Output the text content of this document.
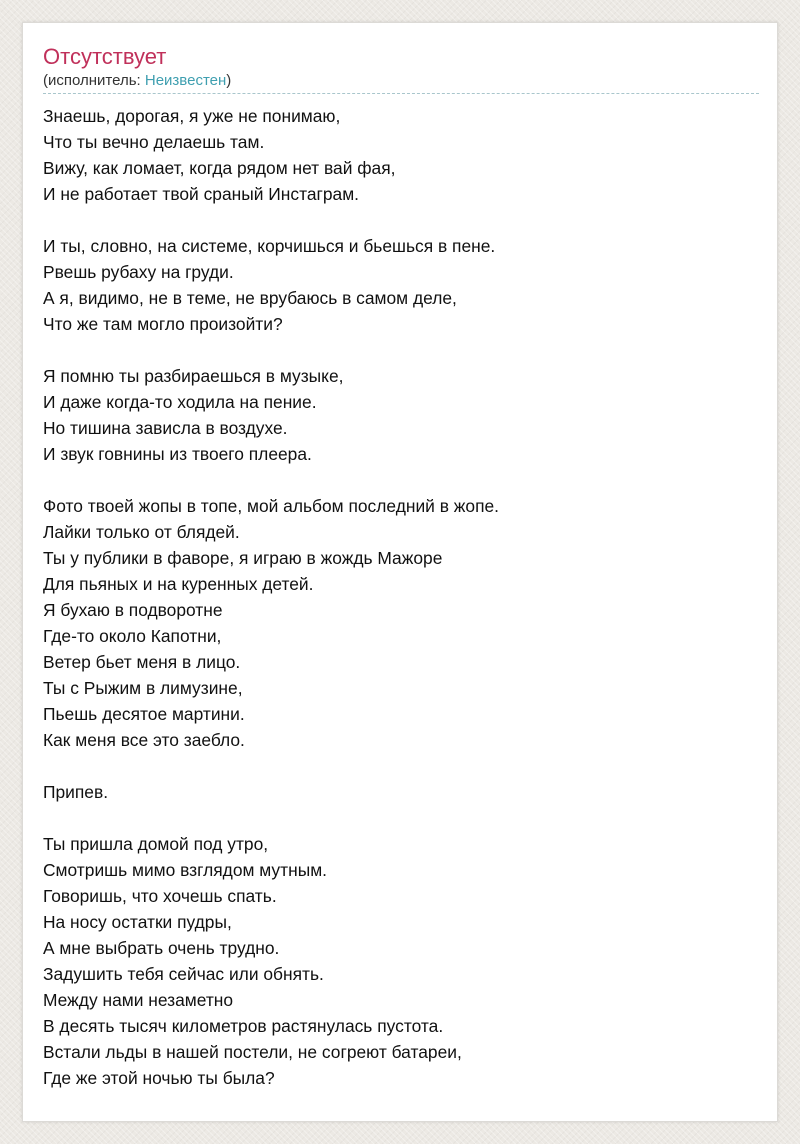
Отсутствует
(исполнитель: Неизвестен)
Знаешь, дорогая, я уже не понимаю,
Что ты вечно делаешь там.
Вижу, как ломает, когда рядом нет вай фая,
И не работает твой сраный Инстаграм.
И ты, словно, на системе, корчишься и бьешься в пене.
Рвешь рубаху на груди.
А я, видимо, не в теме, не врубаюсь в самом деле,
Что же там могло произойти?
Я помню ты разбираешься в музыке,
И даже когда-то ходила на пение.
Но тишина зависла в воздухе.
И звук говнины из твоего плеера.
Фото твоей жопы в топе, мой альбом последний в жопе.
Лайки только от блядей.
Ты у публики в фаворе, я играю в жождь Мажоре
Для пьяных и на куренных детей.
Я бухаю в подворотне
Где-то около Капотни,
Ветер бьет меня в лицо.
Ты с Рыжим в лимузине,
Пьешь десятое мартини.
Как меня все это заебло.
Припев.
Ты пришла домой под утро,
Смотришь мимо взглядом мутным.
Говоришь, что хочешь спать.
На носу остатки пудры,
А мне выбрать очень трудно.
Задушить тебя сейчас или обнять.
Между нами незаметно
В десять тысяч километров растянулась пустота.
Встали льды в нашей постели, не согреют батареи,
Где же этой ночью ты была?
